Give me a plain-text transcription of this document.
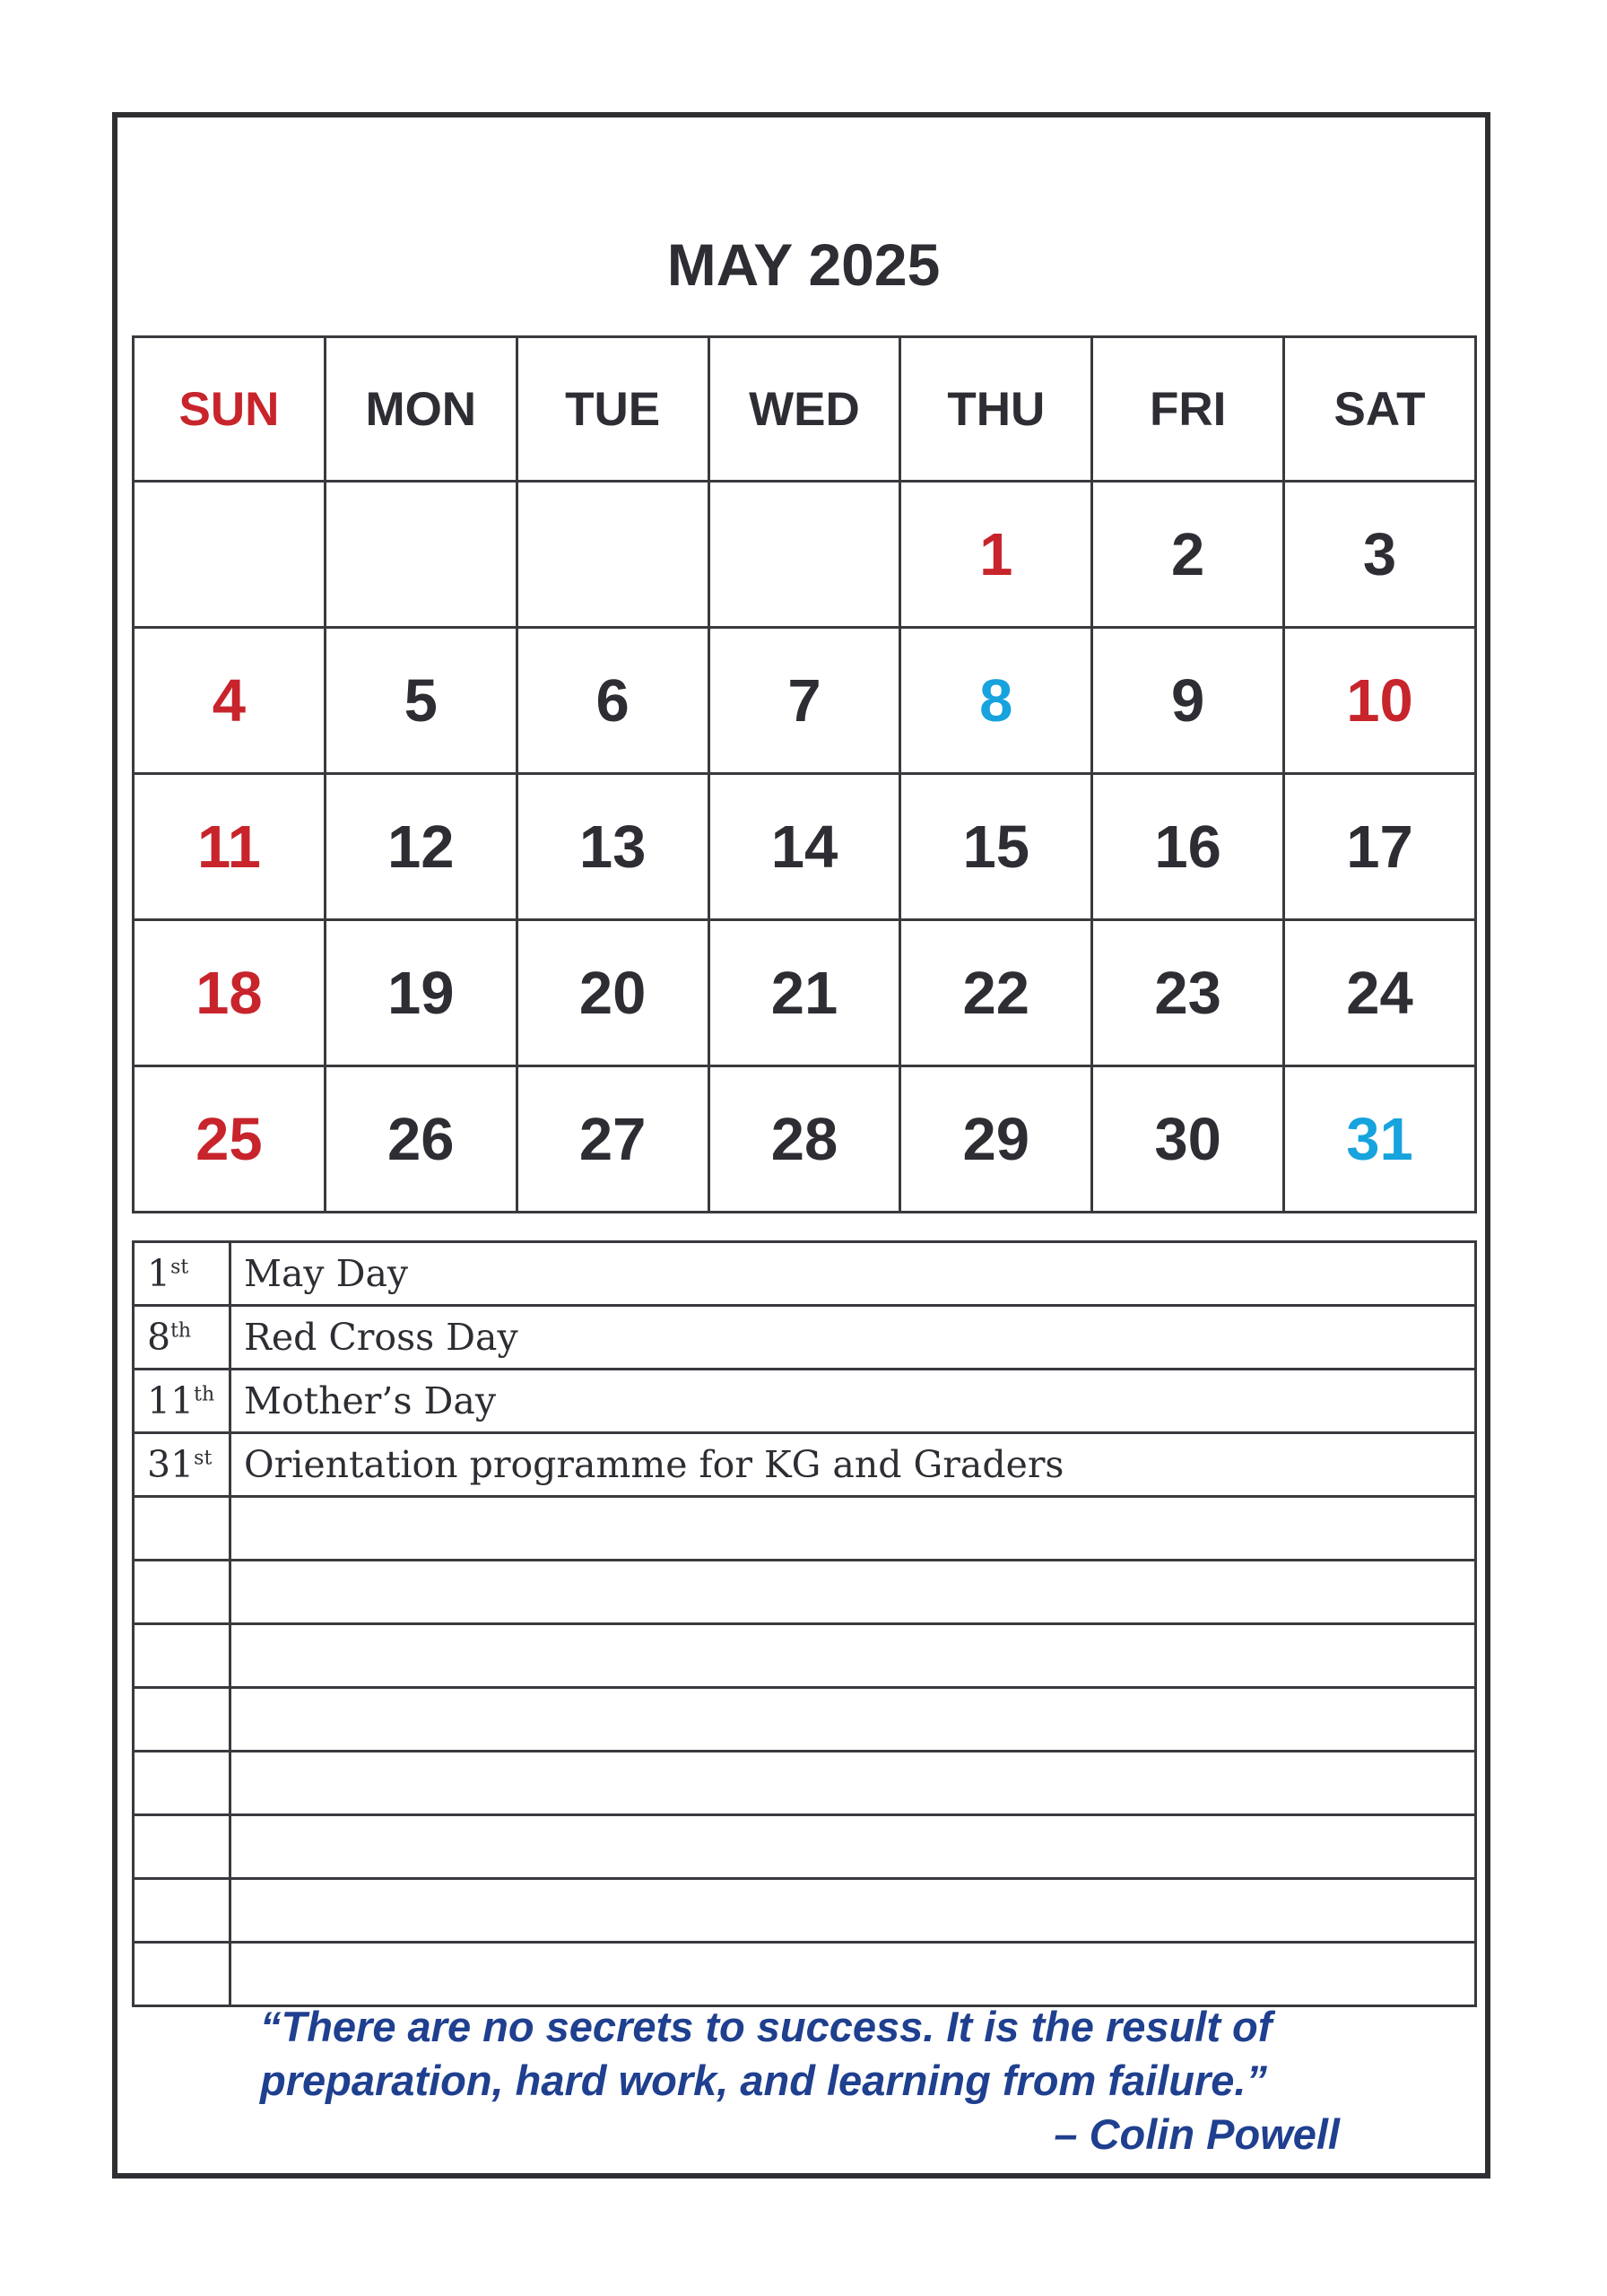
MAY 2025
SUN	MON	TUE	WED	THU	FRI	SAT
				1	2	3
4	5	6	7	8	9	10
11	12	13	14	15	16	17
18	19	20	21	22	23	24
25	26	27	28	29	30	31
1st	May Day
8th	Red Cross Day
11th	Mother’s Day
31st	Orientation programme for KG and Graders

“There are no secrets to success. It is the result of
preparation, hard work, and learning from failure.”
– Colin Powell
